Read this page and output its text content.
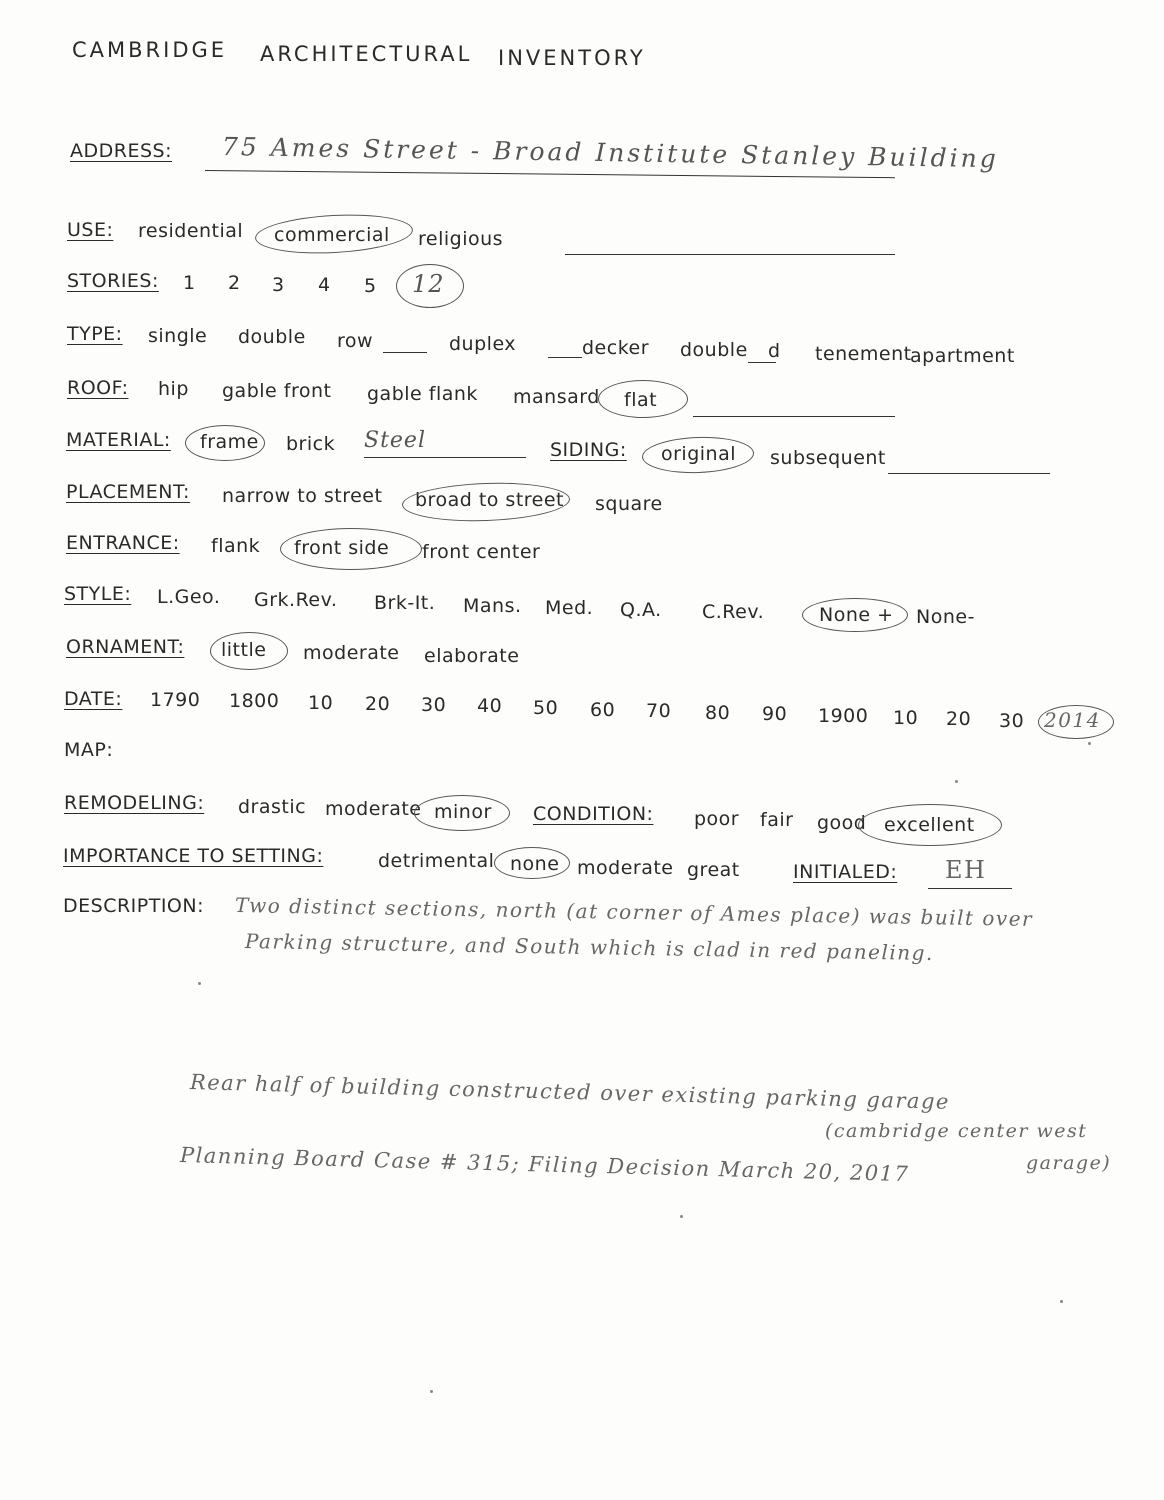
CAMBRIDGE ARCHITECTURAL INVENTORY
ADDRESS: 75 Ames Street - Broad Institute Stanley Building
USE: residential commercial religious
STORIES: 1 2 3 4 5 12
TYPE: single double row	duplex	decker double d tenement
apartment
ROOF: hip gable front gable flank mansard flat
MATERIAL: frame brick Steel	SIDING: original subsequent
PLACEMENT: narrow to street broad to street square
ENTRANCE: flank front side front center
STYLE: L.Geo. Grk.Rev. Brk-It. Mans. Med. Q.A. C.Rev.	None + None-
ORNAMENT: little moderate elaborate
DATE: 1790 1800 10 20 30 40 50 60 70 80 90 1900 10 20 30 2014
MAP:
REMODELING: drastic moderate minor CONDITION: poor fair good excellent
IMPORTANCE TO SETTING:	detrimental none moderate great	INITIALED: EH
DESCRIPTION: Two distinct sections, north (at corner of Ames place) was built over
Parking structure, and South which is clad in red paneling.
Rear half of building constructed over existing parking garage
(cambridge center west
garage)
Planning Board Case # 315; Filing Decision March 20, 2017
